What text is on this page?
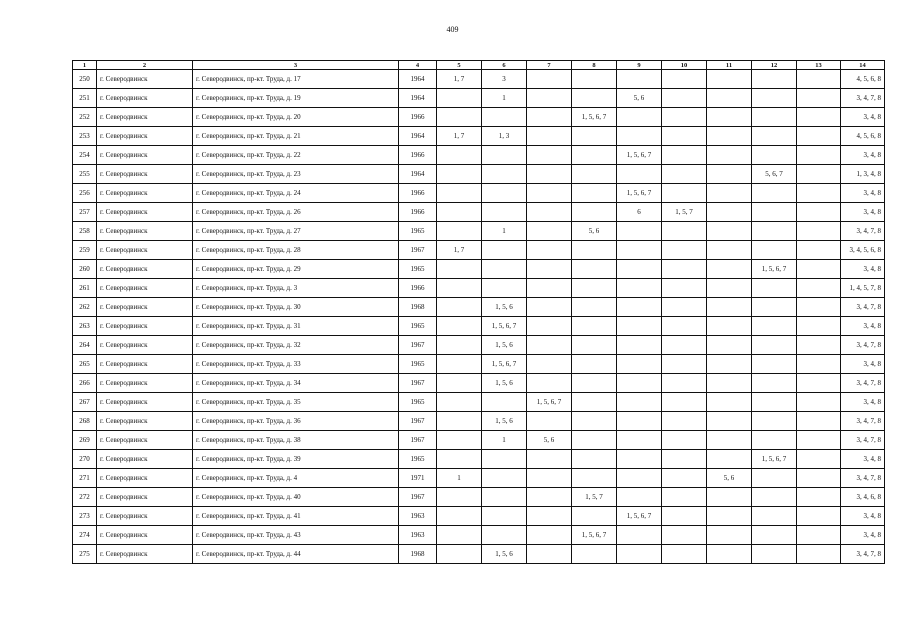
409
1	2	3	4	5	6	7	8	9	10	11	12	13	14
250	г. Северодвинск	г. Северодвинск, пр-кт. Труда, д. 17	1964	1, 7	3								4, 5, 6, 8
251	г. Северодвинск	г. Северодвинск, пр-кт. Труда, д. 19	1964		1			5, 6					3, 4, 7, 8
252	г. Северодвинск	г. Северодвинск, пр-кт. Труда, д. 20	1966				1, 5, 6, 7						3, 4, 8
253	г. Северодвинск	г. Северодвинск, пр-кт. Труда, д. 21	1964	1, 7	1, 3								4, 5, 6, 8
254	г. Северодвинск	г. Северодвинск, пр-кт. Труда, д. 22	1966					1, 5, 6, 7					3, 4, 8
255	г. Северодвинск	г. Северодвинск, пр-кт. Труда, д. 23	1964								5, 6, 7		1, 3, 4, 8
256	г. Северодвинск	г. Северодвинск, пр-кт. Труда, д. 24	1966					1, 5, 6, 7					3, 4, 8
257	г. Северодвинск	г. Северодвинск, пр-кт. Труда, д. 26	1966					6	1, 5, 7				3, 4, 8
258	г. Северодвинск	г. Северодвинск, пр-кт. Труда, д. 27	1965		1		5, 6						3, 4, 7, 8
259	г. Северодвинск	г. Северодвинск, пр-кт. Труда, д. 28	1967	1, 7									3, 4, 5, 6, 8
260	г. Северодвинск	г. Северодвинск, пр-кт. Труда, д. 29	1965								1, 5, 6, 7		3, 4, 8
261	г. Северодвинск	г. Северодвинск, пр-кт. Труда, д. 3	1966										1, 4, 5, 7, 8
262	г. Северодвинск	г. Северодвинск, пр-кт. Труда, д. 30	1968		1, 5, 6								3, 4, 7, 8
263	г. Северодвинск	г. Северодвинск, пр-кт. Труда, д. 31	1965		1, 5, 6, 7								3, 4, 8
264	г. Северодвинск	г. Северодвинск, пр-кт. Труда, д. 32	1967		1, 5, 6								3, 4, 7, 8
265	г. Северодвинск	г. Северодвинск, пр-кт. Труда, д. 33	1965		1, 5, 6, 7								3, 4, 8
266	г. Северодвинск	г. Северодвинск, пр-кт. Труда, д. 34	1967		1, 5, 6								3, 4, 7, 8
267	г. Северодвинск	г. Северодвинск, пр-кт. Труда, д. 35	1965			1, 5, 6, 7							3, 4, 8
268	г. Северодвинск	г. Северодвинск, пр-кт. Труда, д. 36	1967		1, 5, 6								3, 4, 7, 8
269	г. Северодвинск	г. Северодвинск, пр-кт. Труда, д. 38	1967		1	5, 6							3, 4, 7, 8
270	г. Северодвинск	г. Северодвинск, пр-кт. Труда, д. 39	1965								1, 5, 6, 7		3, 4, 8
271	г. Северодвинск	г. Северодвинск, пр-кт. Труда, д. 4	1971	1						5, 6			3, 4, 7, 8
272	г. Северодвинск	г. Северодвинск, пр-кт. Труда, д. 40	1967				1, 5, 7						3, 4, 6, 8
273	г. Северодвинск	г. Северодвинск, пр-кт. Труда, д. 41	1963					1, 5, 6, 7					3, 4, 8
274	г. Северодвинск	г. Северодвинск, пр-кт. Труда, д. 43	1963				1, 5, 6, 7						3, 4, 8
275	г. Северодвинск	г. Северодвинск, пр-кт. Труда, д. 44	1968		1, 5, 6								3, 4, 7, 8
